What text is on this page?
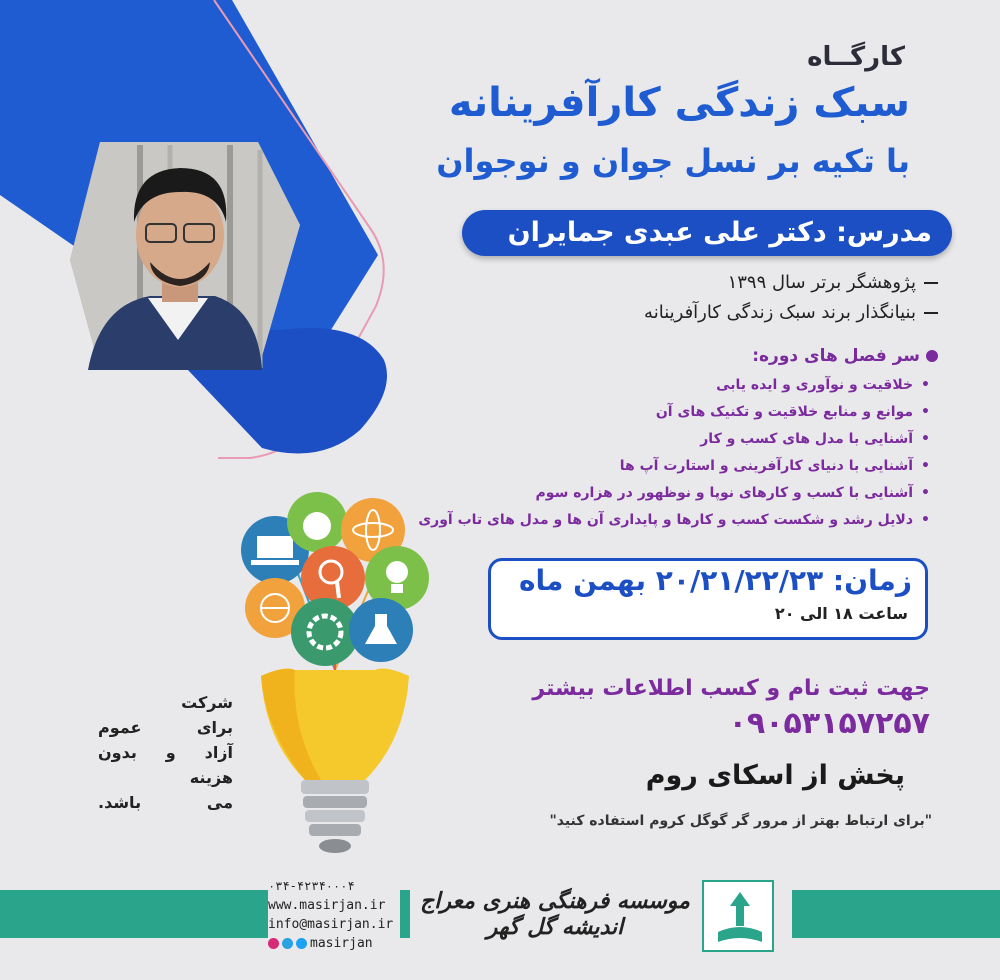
کارگــاه
سبک زندگی کارآفرینانه
با تکیه بر نسل جوان و نوجوان
مدرس: دکتر علی عبدی جمایران
پژوهشگر برتر سال ۱۳۹۹
بنیانگذار برند سبک زندگی کارآفرینانه
سر فصل های دوره:
•خلاقیت و نوآوری و ایده یابی
•موانع و منابع خلاقیت و تکنیک های آن
•آشنایی با مدل های کسب و کار
•آشنایی با دنیای کارآفرینی و استارت آپ ها
•آشنایی با کسب و کارهای نوپا و نوظهور در هزاره سوم
•دلایل رشد و شکست کسب و کارها و پایداری آن ها و مدل های تاب آوری
زمان: ۲۰/۲۱/۲۲/۲۳ بهمن ماه
ساعت ۱۸ الی ۲۰
جهت ثبت نام و کسب اطلاعات بیشتر
۰۹۰۵۳۱۵۷۲۵۷
پخش از اسکای روم
"برای ارتباط بهتر از مرور گر گوگل کروم استفاده کنید"
شرکت
برای عموم
آزاد و بدون
هزینه
می باشد.
۰۳۴-۴۲۳۴۰۰۰۴
www.masirjan.ir
info@masirjan.ir
masirjan
موسسه فرهنگی هنری معراج اندیشه گل گهر
